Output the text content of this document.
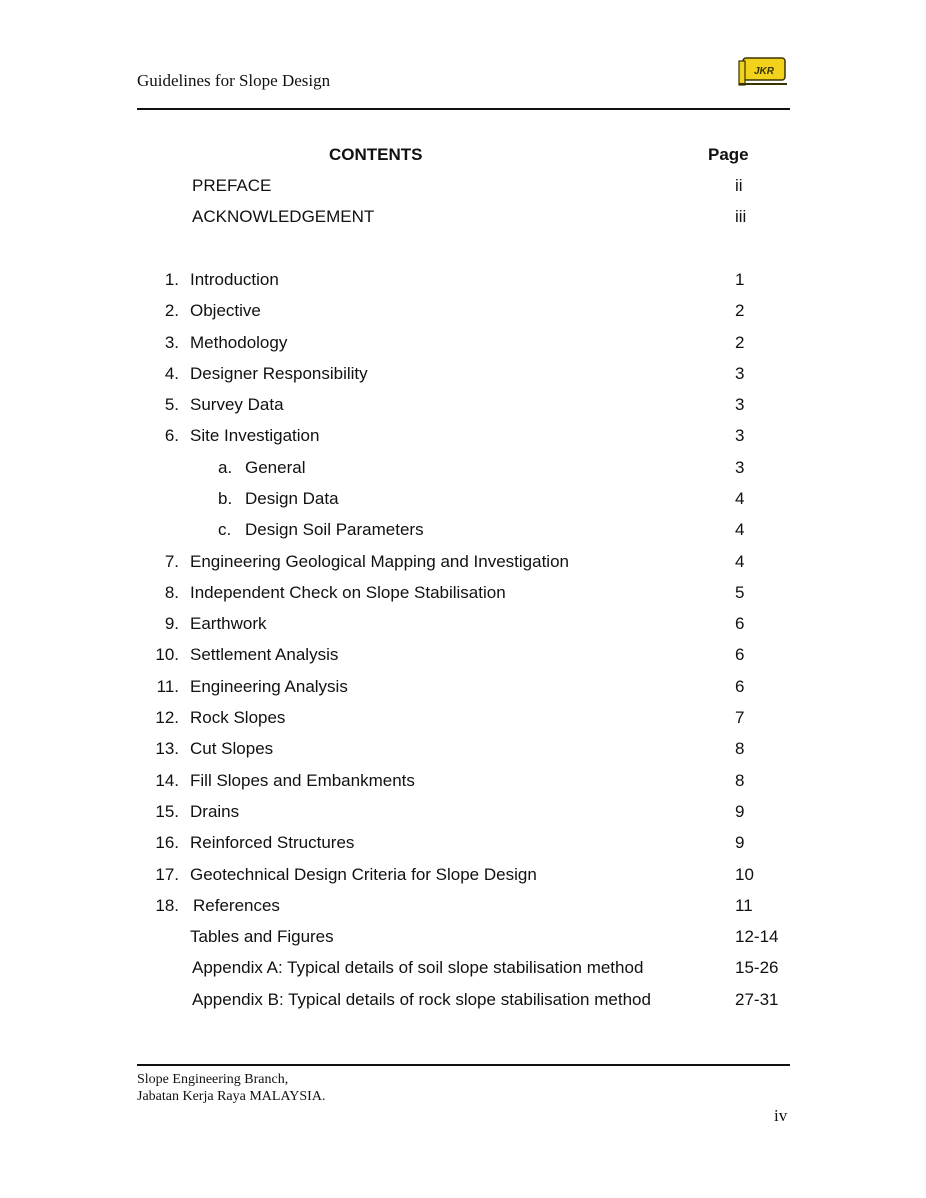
Guidelines for Slope Design	JKR
CONTENTS	Page
PREFACE	ii
ACKNOWLEDGEMENT	iii
1. Introduction	1
2. Objective	2
3. Methodology	2
4. Designer Responsibility	3
5. Survey Data	3
6. Site Investigation	3
a. General	3
b. Design Data	4
c. Design Soil Parameters	4
7. Engineering Geological Mapping and Investigation	4
8. Independent Check on Slope Stabilisation	5
9. Earthwork	6
10. Settlement Analysis	6
11. Engineering Analysis	6
12. Rock Slopes	7
13. Cut Slopes	8
14. Fill Slopes and Embankments	8
15. Drains	9
16. Reinforced Structures	9
17. Geotechnical Design Criteria for Slope Design	10
18. References	11
Tables and Figures	12-14
Appendix A: Typical details of soil slope stabilisation method	15-26
Appendix B: Typical details of rock slope stabilisation method	27-31
Slope Engineering Branch,
Jabatan Kerja Raya MALAYSIA.
iv
